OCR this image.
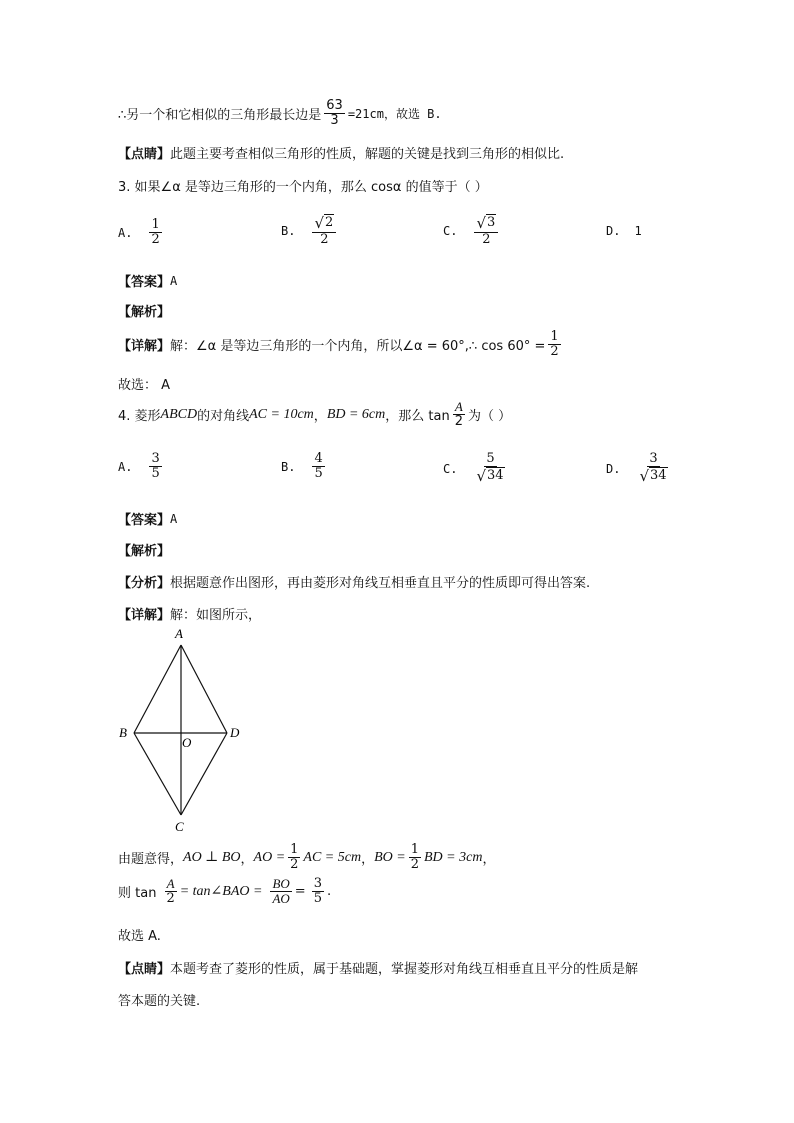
∴另一个和它相似的三角形最长边是 $\frac{63}{3} =21cm$，故选 B.
【点睛】 此题主要考查相似三角形的性质，解题的关键是找到三角形的相似比.
3. 如果∠α 是等边三角形的一个内角，那么 cosα 的值等于（ ）
A. $\frac{1}{2}$	B. $\frac{√ 2}{2}$	C. $\frac{√ 3}{2}$	D. 1
【答案】 A
【解析】
【详解】 解：∠α 是等边三角形的一个内角，所以∠α = 60°,∴ $\cos 60^\circ = \frac{1}{2}$
故选： A
4. 菱形 ABCD 的对角线 AC = 10cm ， BD = 6cm ，那么 $\tan \frac{A}{2}$ 为（ ）
A. $\frac{3}{5}$	B. $\frac{4}{5}$	C. $\frac{5}{√ 34}$	D. $\frac{3}{√ 34}$
【答案】 A
【解析】
【分析】 根据题意作出图形，再由菱形对角线互相垂直且平分的性质即可得出答案.
【详解】 解：如图所示，
A
B	D
C
O
由题意得， AO ⊥ BO ， AO = $\frac{1}{2}$ AC = 5cm ， BO = $\frac{1}{2}$ BD = 3cm ，
则 $\tan \frac{A}{2}$ = tan∠BAO = $\frac{BO}{AO} = \frac{3}{5}$ .
故选 A.
【点睛】 本题考查了菱形的性质，属于基础题，掌握菱形对角线互相垂直且平分的性质是解
答本题的关键.
